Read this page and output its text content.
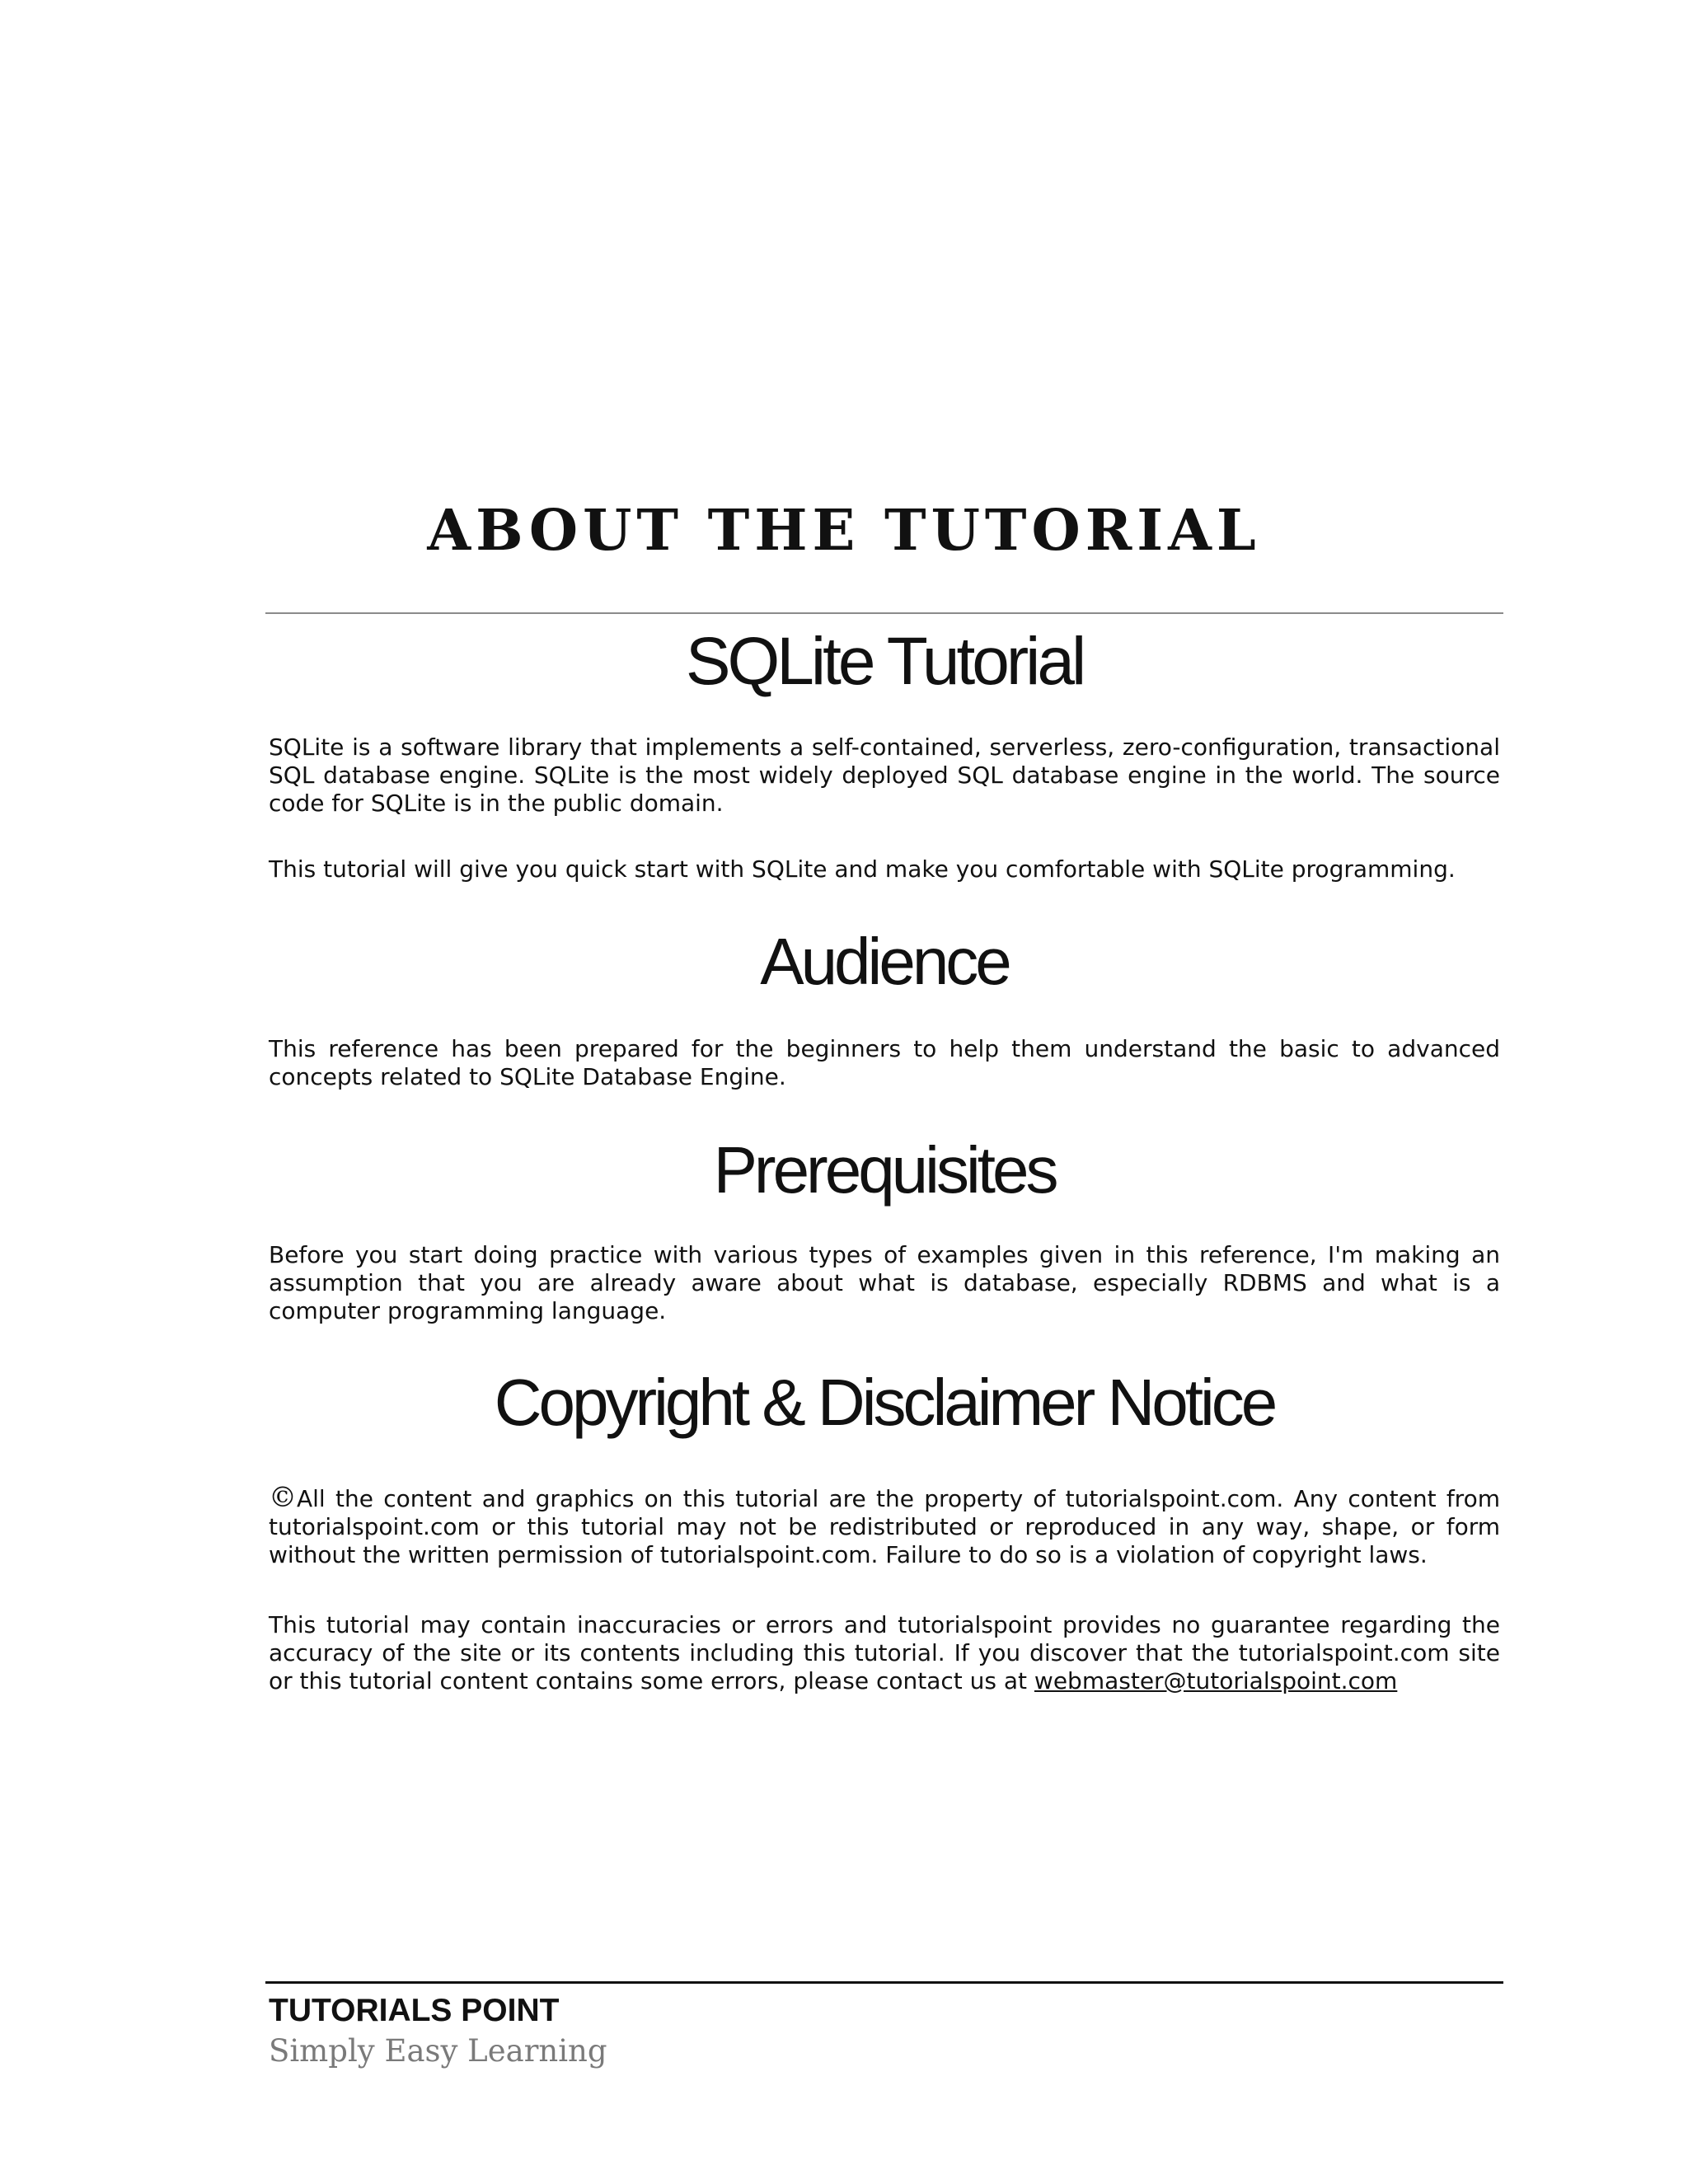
ABOUT THE TUTORIAL
SQLite Tutorial

SQLite is a software library that implements a self-contained, serverless, zero-configuration, transactional SQL database engine. SQLite is the most widely deployed SQL database engine in the world. The source code for SQLite is in the public domain.

This tutorial will give you quick start with SQLite and make you comfortable with SQLite programming.

Audience

This reference has been prepared for the beginners to help them understand the basic to advanced concepts related to SQLite Database Engine.

Prerequisites

Before you start doing practice with various types of examples given in this reference, I'm making an assumption that you are already aware about what is database, especially RDBMS and what is a computer programming language.

Copyright & Disclaimer Notice

©All the content and graphics on this tutorial are the property of tutorialspoint.com. Any content from tutorialspoint.com or this tutorial may not be redistributed or reproduced in any way, shape, or form without the written permission of tutorialspoint.com. Failure to do so is a violation of copyright laws.

This tutorial may contain inaccuracies or errors and tutorialspoint provides no guarantee regarding the accuracy of the site or its contents including this tutorial. If you discover that the tutorialspoint.com site or this tutorial content contains some errors, please contact us at webmaster@tutorialspoint.com

TUTORIALS POINT
Simply Easy Learning
